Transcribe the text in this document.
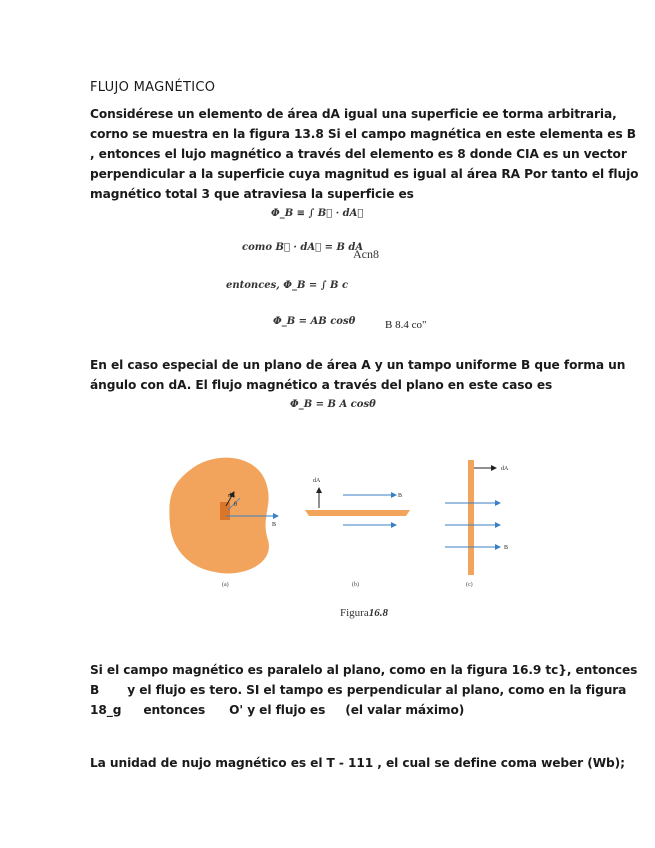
FLUJO MAGNÉTICO
Considérese un elemento de área dA igual una superficie ee torma arbitraria,
corno se muestra en la figura 13.8 Si el campo magnética en este elementa es B
, entonces el lujo magnético a través del elemento es 8 donde CIA es un vector
perpendicular a la superficie cuya magnitud es igual al área RA Por tanto el flujo
magnético total 3 que atraviesa la superficie es
Φ_B ≡ ∫ B⃗ · dA⃗
como B⃗ · dA⃗ = B dA
Acn8
entonces, Φ_B = ∫ B c
Φ_B = AB cosθ	B 8.4 co"
En el caso especial de un plano de área A y un tampo uniforme B que forma un
ángulo con dA. El flujo magnético a través del plano en este caso es
Φ_B = B A cosθ
dA
θ
B
(a)
dA
B
(b)
dA
B
(c)
Figura16.8
Si el campo magnético es paralelo al plano, como en la figura 16.9 tc}, entonces
B y el flujo es tero. SI el tampo es perpendicular al plano, como en la figura
18_g entonces O' y el flujo es (el valar máximo)
La unidad de nujo magnético es el T - 111 , el cual se define coma weber (Wb);
